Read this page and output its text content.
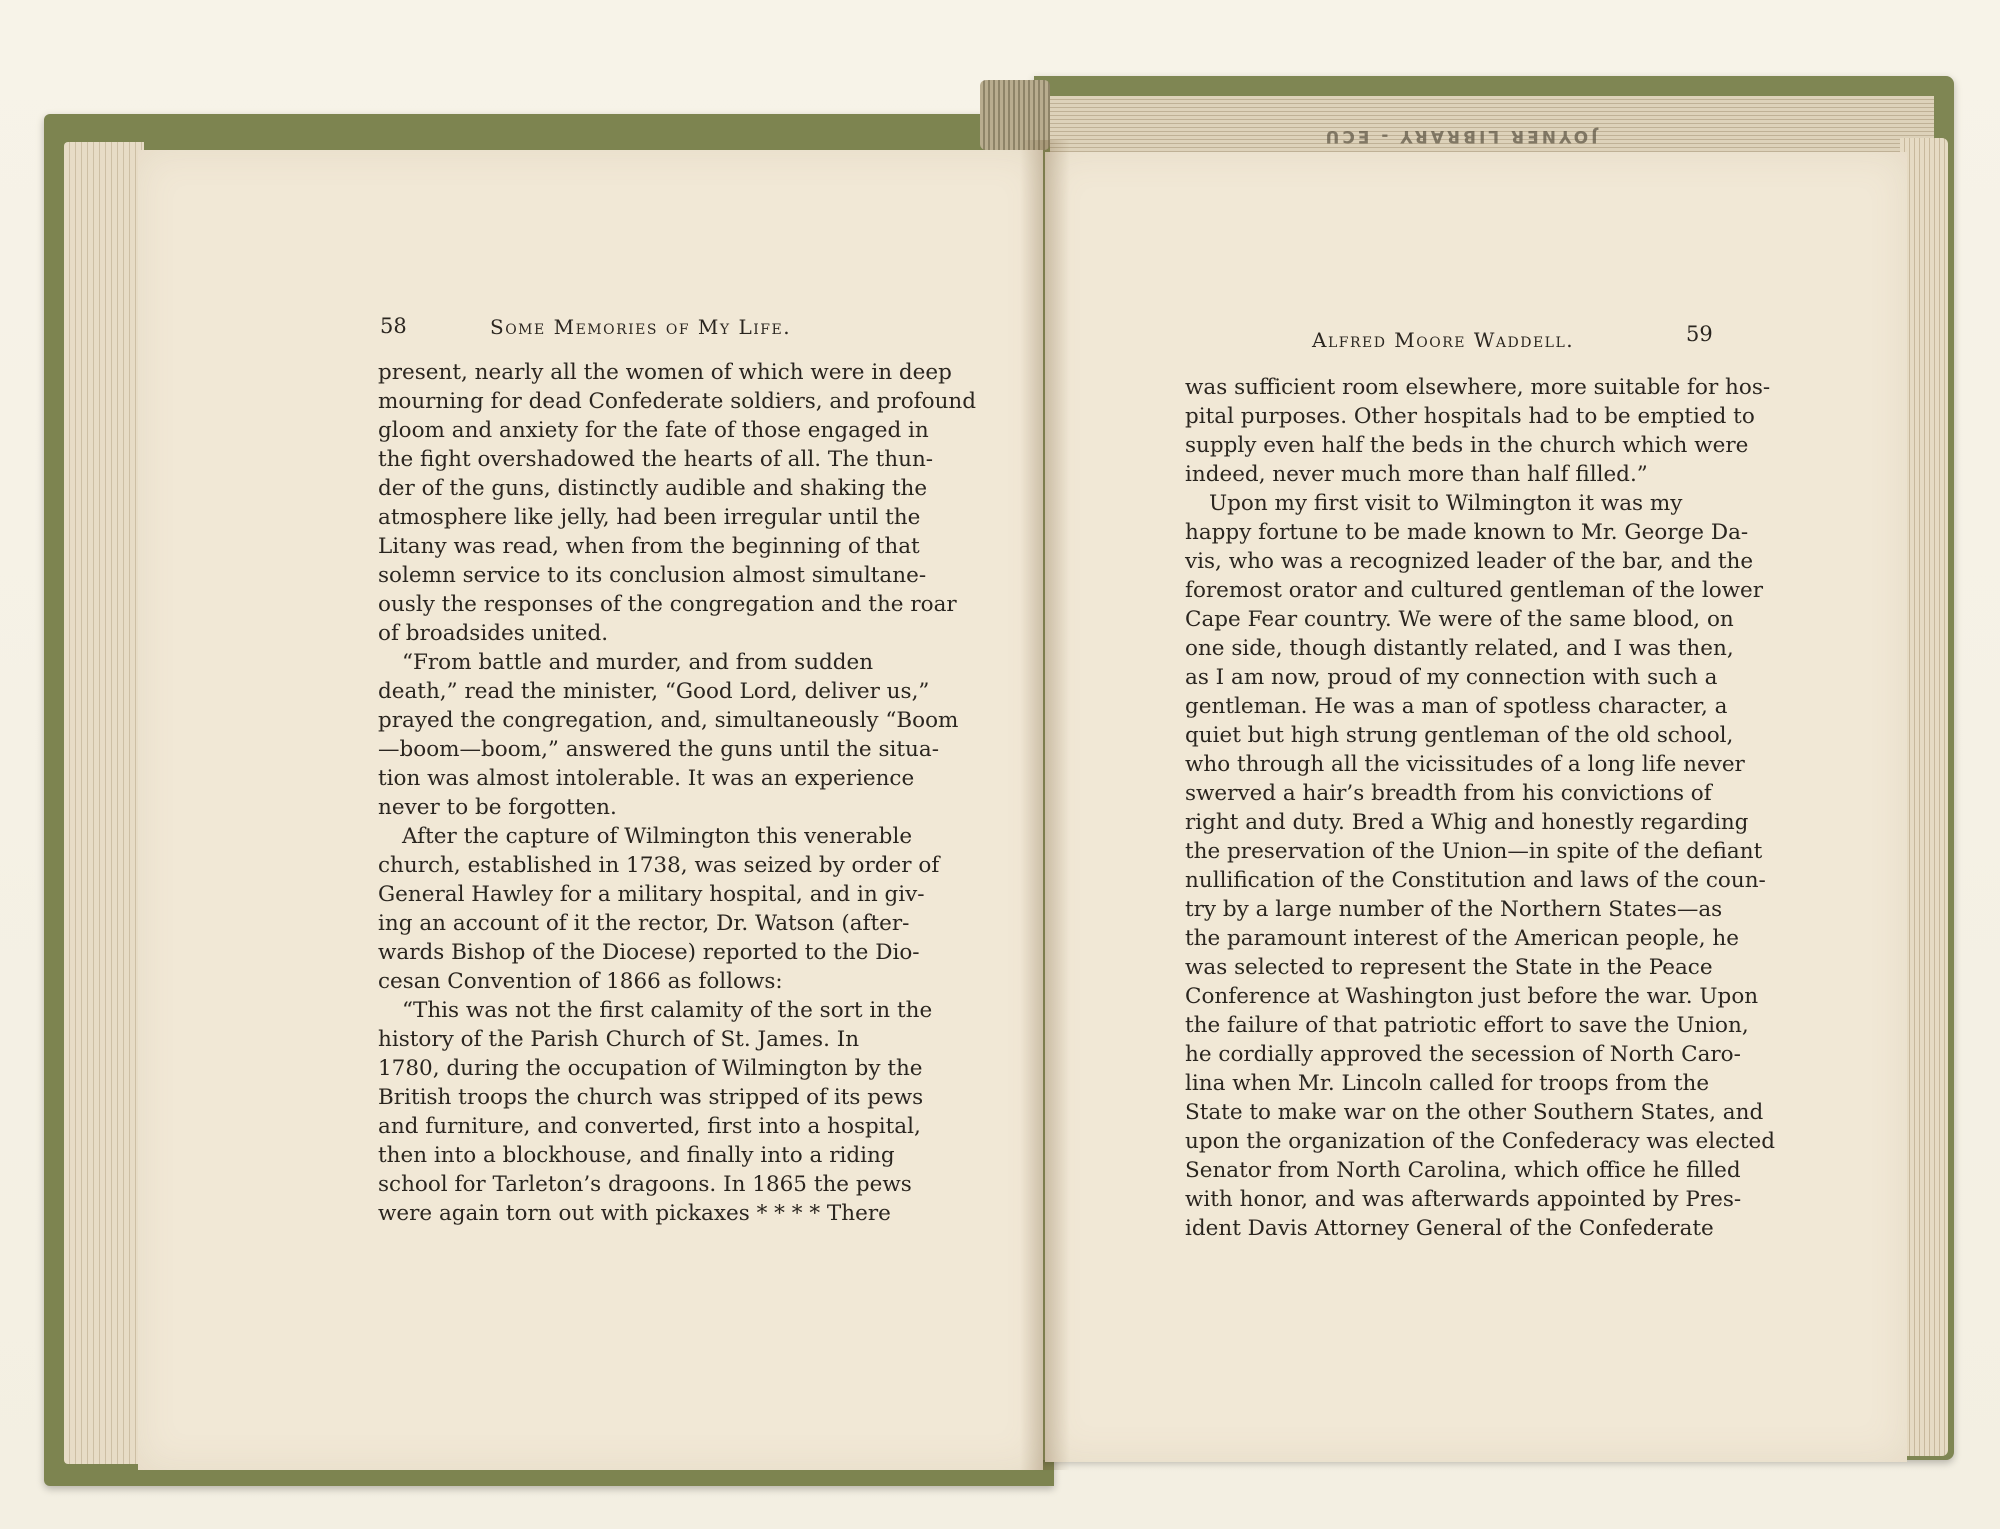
JOYNER LIBRARY - ECU
58	Some Memories of My Life.
Alfred Moore Waddell.	59
present, nearly all the women of which were in deep
mourning for dead Confederate soldiers, and profound
gloom and anxiety for the fate of those engaged in
the fight overshadowed the hearts of all. The thun-
der of the guns, distinctly audible and shaking the
atmosphere like jelly, had been irregular until the
Litany was read, when from the beginning of that
solemn service to its conclusion almost simultane-
ously the responses of the congregation and the roar
of broadsides united.
“From battle and murder, and from sudden
death,” read the minister, “Good Lord, deliver us,”
prayed the congregation, and, simultaneously “Boom
—boom—boom,” answered the guns until the situa-
tion was almost intolerable. It was an experience
never to be forgotten.
After the capture of Wilmington this venerable
church, established in 1738, was seized by order of
General Hawley for a military hospital, and in giv-
ing an account of it the rector, Dr. Watson (after-
wards Bishop of the Diocese) reported to the Dio-
cesan Convention of 1866 as follows:
“This was not the first calamity of the sort in the
history of the Parish Church of St. James. In
1780, during the occupation of Wilmington by the
British troops the church was stripped of its pews
and furniture, and converted, first into a hospital,
then into a blockhouse, and finally into a riding
school for Tarleton’s dragoons. In 1865 the pews
were again torn out with pickaxes * * * * There
was sufficient room elsewhere, more suitable for hos-
pital purposes. Other hospitals had to be emptied to
supply even half the beds in the church which were
indeed, never much more than half filled.”
Upon my first visit to Wilmington it was my
happy fortune to be made known to Mr. George Da-
vis, who was a recognized leader of the bar, and the
foremost orator and cultured gentleman of the lower
Cape Fear country. We were of the same blood, on
one side, though distantly related, and I was then,
as I am now, proud of my connection with such a
gentleman. He was a man of spotless character, a
quiet but high strung gentleman of the old school,
who through all the vicissitudes of a long life never
swerved a hair’s breadth from his convictions of
right and duty. Bred a Whig and honestly regarding
the preservation of the Union—in spite of the defiant
nullification of the Constitution and laws of the coun-
try by a large number of the Northern States—as
the paramount interest of the American people, he
was selected to represent the State in the Peace
Conference at Washington just before the war. Upon
the failure of that patriotic effort to save the Union,
he cordially approved the secession of North Caro-
lina when Mr. Lincoln called for troops from the
State to make war on the other Southern States, and
upon the organization of the Confederacy was elected
Senator from North Carolina, which office he filled
with honor, and was afterwards appointed by Pres-
ident Davis Attorney General of the Confederate
